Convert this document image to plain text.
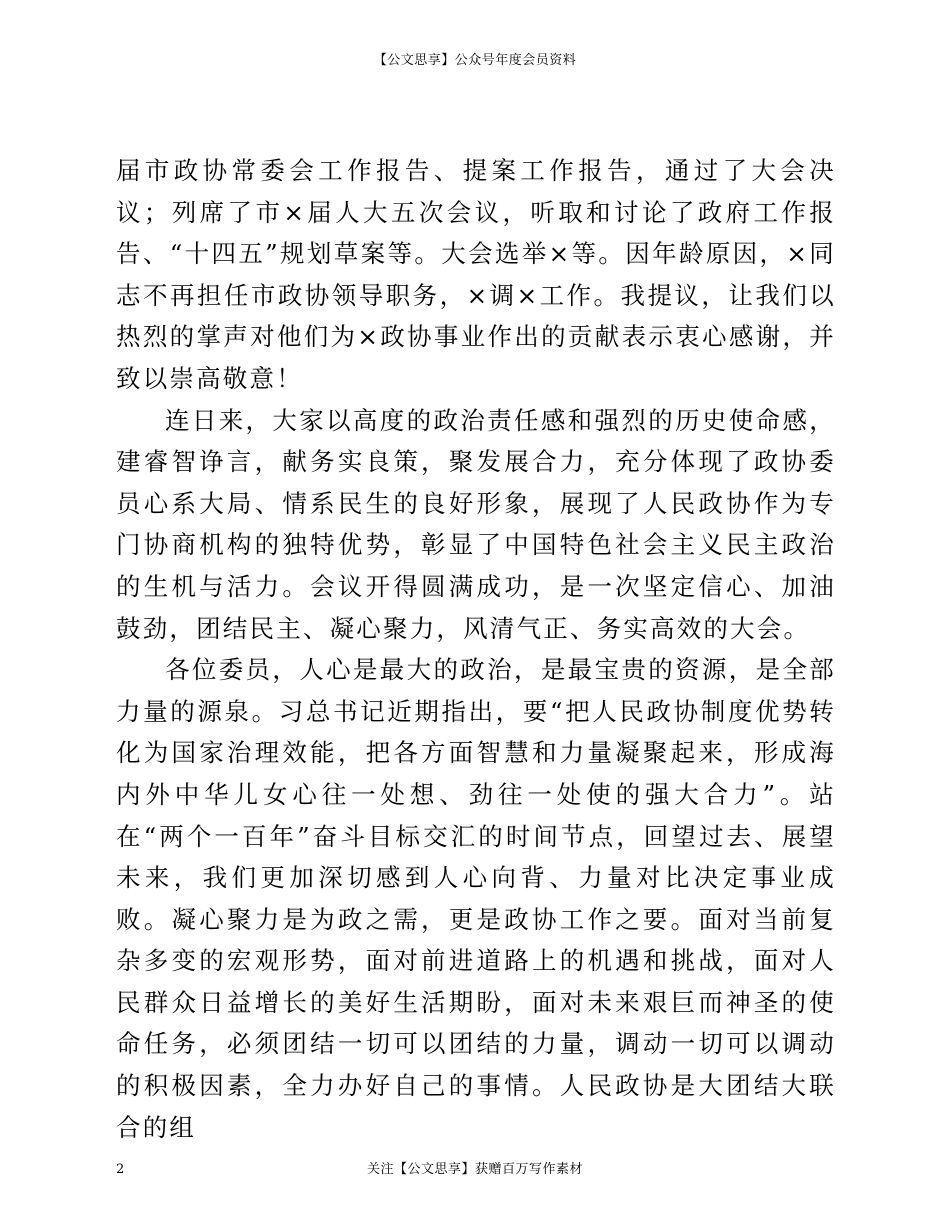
【公文思享】公众号年度会员资料

届市政协常委会工作报告、提案工作报告，通过了大会决议；列席了市×届人大五次会议，听取和讨论了政府工作报告、“十四五”规划草案等。大会选举×等。因年龄原因，×同志不再担任市政协领导职务，×调×工作。我提议，让我们以热烈的掌声对他们为×政协事业作出的贡献表示衷心感谢，并致以崇高敬意！

连日来，大家以高度的政治责任感和强烈的历史使命感，建睿智诤言，献务实良策，聚发展合力，充分体现了政协委员心系大局、情系民生的良好形象，展现了人民政协作为专门协商机构的独特优势，彰显了中国特色社会主义民主政治的生机与活力。会议开得圆满成功，是一次坚定信心、加油鼓劲，团结民主、凝心聚力，风清气正、务实高效的大会。

各位委员，人心是最大的政治，是最宝贵的资源，是全部力量的源泉。习总书记近期指出，要“把人民政协制度优势转化为国家治理效能，把各方面智慧和力量凝聚起来，形成海内外中华儿女心往一处想、劲往一处使的强大合力”。站在“两个一百年”奋斗目标交汇的时间节点，回望过去、展望未来，我们更加深切感到人心向背、力量对比决定事业成败。凝心聚力是为政之需，更是政协工作之要。面对当前复杂多变的宏观形势，面对前进道路上的机遇和挑战，面对人民群众日益增长的美好生活期盼，面对未来艰巨而神圣的使命任务，必须团结一切可以团结的力量，调动一切可以调动的积极因素，全力办好自己的事情。人民政协是大团结大联合的组

2	关注【公文思享】获赠百万写作素材
